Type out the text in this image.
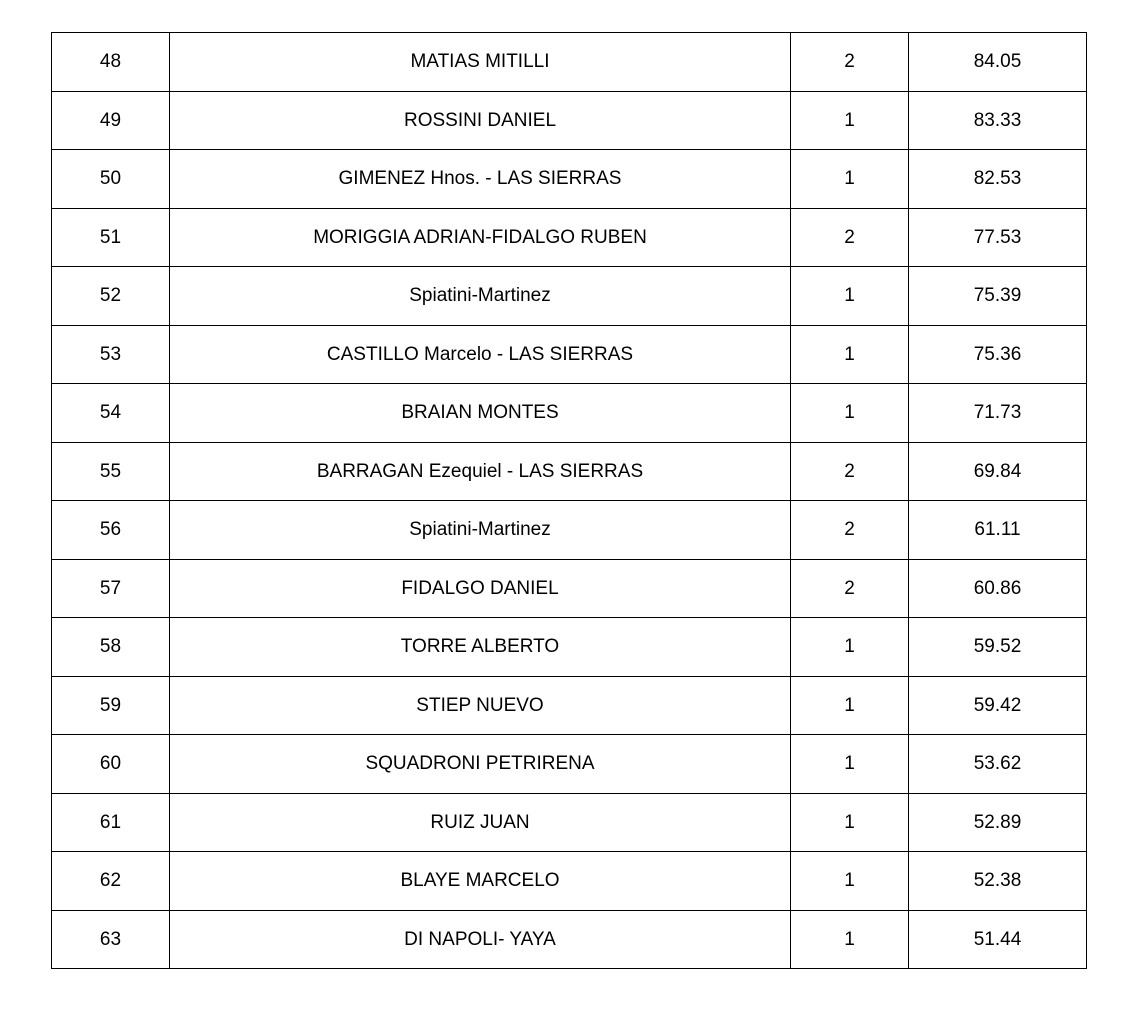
48	MATIAS MITILLI	2	84.05
49	ROSSINI DANIEL	1	83.33
50	GIMENEZ Hnos. - LAS SIERRAS	1	82.53
51	MORIGGIA ADRIAN-FIDALGO RUBEN	2	77.53
52	Spiatini-Martinez	1	75.39
53	CASTILLO Marcelo - LAS SIERRAS	1	75.36
54	BRAIAN MONTES	1	71.73
55	BARRAGAN Ezequiel - LAS SIERRAS	2	69.84
56	Spiatini-Martinez	2	61.11
57	FIDALGO DANIEL	2	60.86
58	TORRE ALBERTO	1	59.52
59	STIEP NUEVO	1	59.42
60	SQUADRONI PETRIRENA	1	53.62
61	RUIZ JUAN	1	52.89
62	BLAYE MARCELO	1	52.38
63	DI NAPOLI- YAYA	1	51.44
